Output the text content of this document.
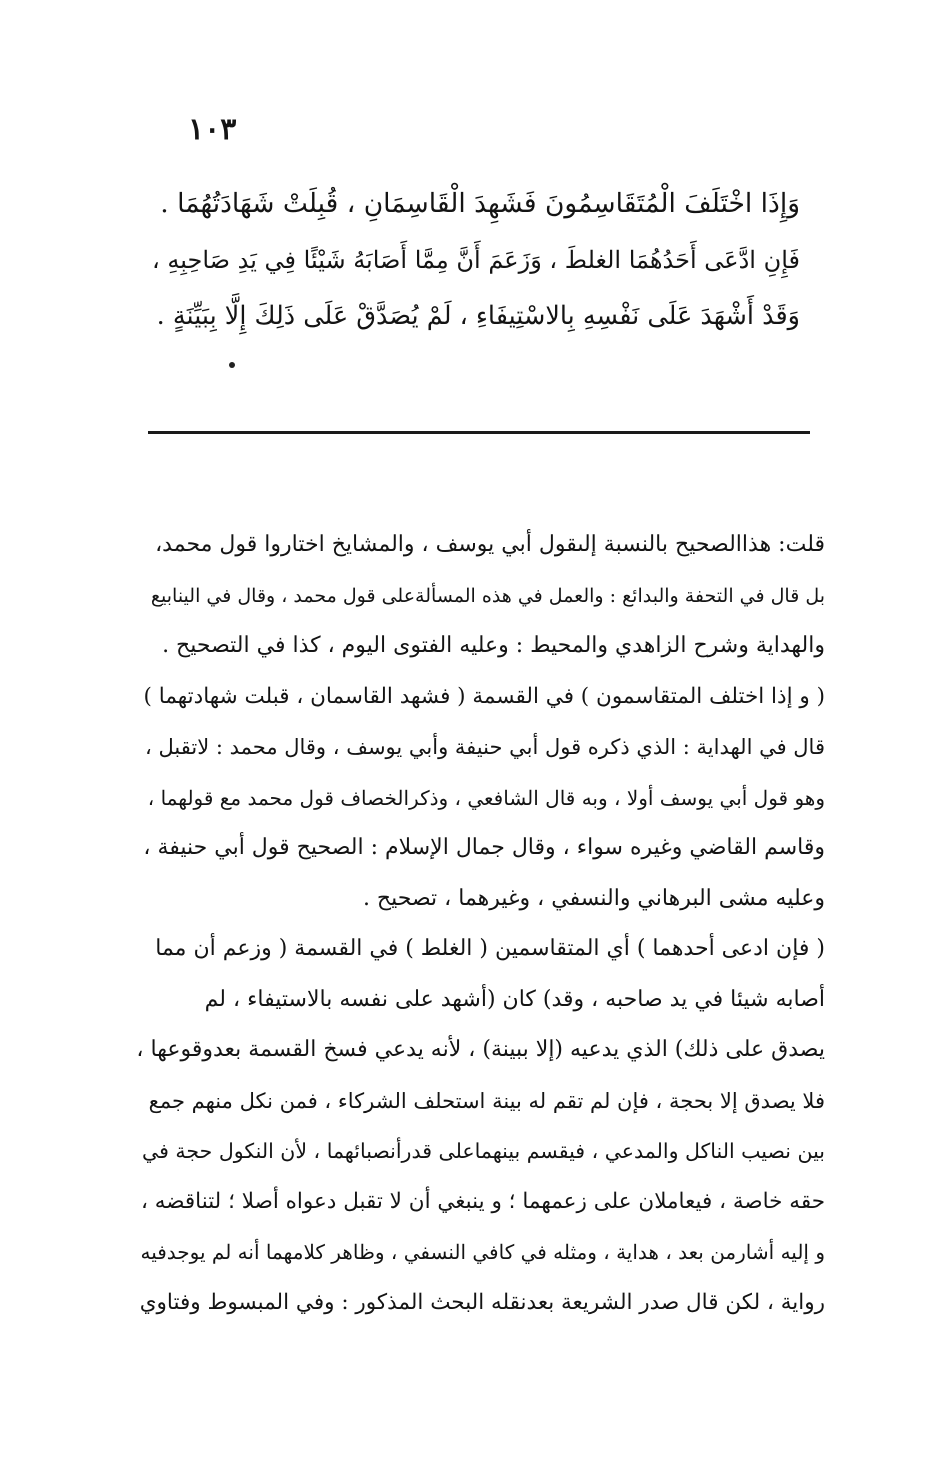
١٠٣
وَإِذَا اخْتَلَفَ الْمُتَقَاسِمُونَ فَشَهِدَ الْقَاسِمَانِ ، قُبِلَتْ شَهَادَتُهُمَا .
فَإِنِ ادَّعَى أَحَدُهُمَا الغلطَ ، وَزَعَمَ أَنَّ مِمَّا أَصَابَهُ شَيْئًا فِي يَدِ صَاحِبِهِ ،
وَقَدْ أَشْهَدَ عَلَى نَفْسِهِ بِالاسْتِيفَاءِ ، لَمْ يُصَدَّقْ عَلَى ذَلِكَ إِلَّا بِبَيِّنَةٍ .
قلت: هذاالصحيح بالنسبة إلىقول أبي يوسف ، والمشايخ اختاروا قول محمد،
بل قال في التحفة والبدائع : والعمل في هذه المسألةعلى قول محمد ، وقال في الينابيع
والهداية وشرح الزاهدي والمحيط : وعليه الفتوى اليوم ، كذا في التصحيح .
( و إذا اختلف المتقاسمون ) في القسمة ( فشهد القاسمان ، قبلت شهادتهما )
قال في الهداية : الذي ذكره قول أبي حنيفة وأبي يوسف ، وقال محمد : لاتقبل ،
وهو قول أبي يوسف أولا ، وبه قال الشافعي ، وذكرالخصاف قول محمد مع قولهما ،
وقاسم القاضي وغيره سواء ، وقال جمال الإسلام : الصحيح قول أبي حنيفة ،
وعليه مشى البرهاني والنسفي ، وغيرهما ، تصحيح .
( فإن ادعى أحدهما ) أي المتقاسمين ( الغلط ) في القسمة ( وزعم أن مما
أصابه شيئا في يد صاحبه ، وقد) كان (أشهد على نفسه بالاستيفاء ، لم
يصدق على ذلك) الذي يدعيه (إلا ببينة) ، لأنه يدعي فسخ القسمة بعدوقوعها ،
فلا يصدق إلا بحجة ، فإن لم تقم له بينة استحلف الشركاء ، فمن نكل منهم جمع
بين نصيب الناكل والمدعي ، فيقسم بينهماعلى قدرأنصبائهما ، لأن النكول حجة في
حقه خاصة ، فيعاملان على زعمهما ؛ و ينبغي أن لا تقبل دعواه أصلا ؛ لتناقضه ،
و إليه أشارمن بعد ، هداية ، ومثله في كافي النسفي ، وظاهر كلامهما أنه لم يوجدفيه
رواية ، لكن قال صدر الشريعة بعدنقله البحث المذكور : وفي المبسوط وفتاوي
